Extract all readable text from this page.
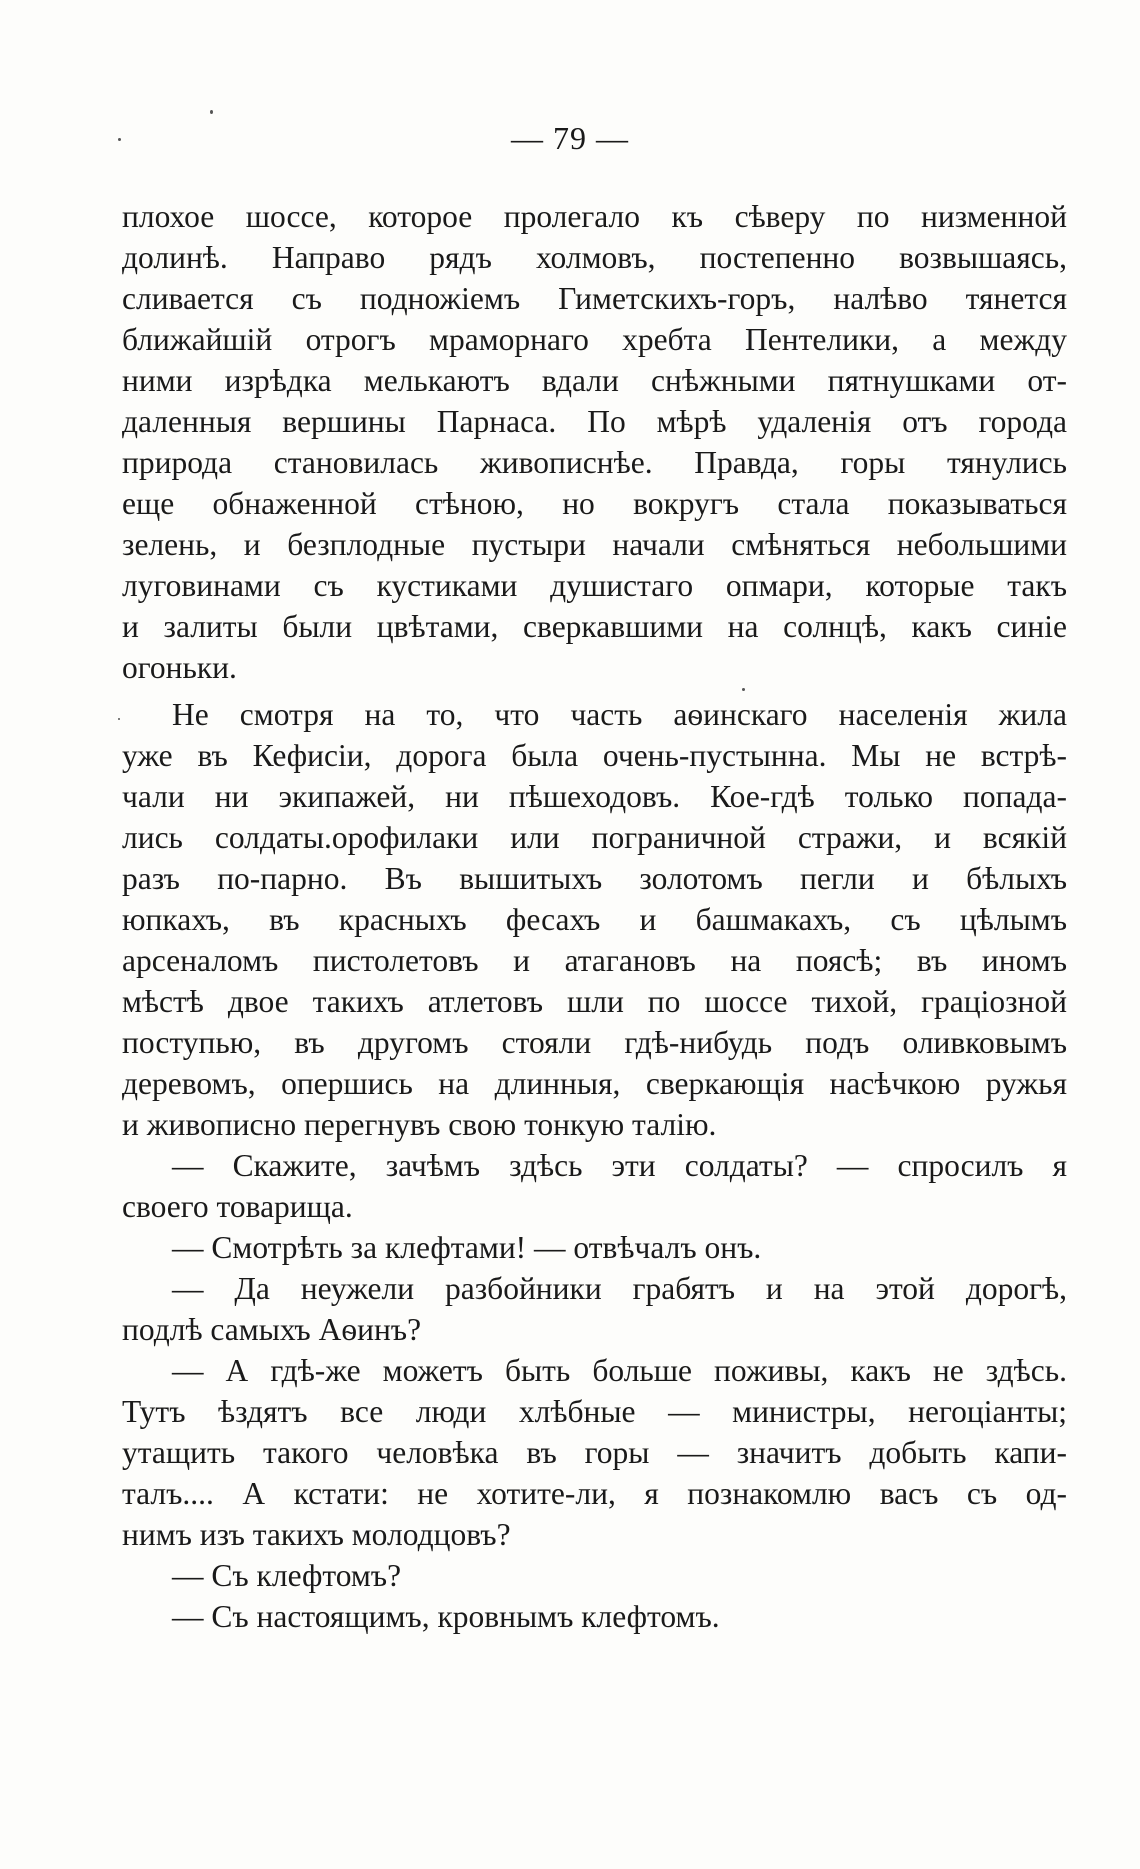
— 79 —
плохое шоссе, которое пролегало къ сѣверу по низменной
долинѣ. Направо рядъ холмовъ, постепенно возвышаясь,
сливается съ подножіемъ Гиметскихъ-горъ, налѣво тянется
ближайшій отрогъ мраморнаго хребта Пентелики, а между
ними изрѣдка мелькаютъ вдали снѣжными пятнушками от-
даленныя вершины Парнаса. По мѣрѣ удаленія отъ города
природа становилась живописнѣе. Правда, горы тянулись
еще обнаженной стѣною, но вокругъ стала показываться
зелень, и безплодные пустыри начали смѣняться небольшими
луговинами съ кустиками душистаго опмари, которые такъ
и залиты были цвѣтами, сверкавшими на солнцѣ, какъ синіе
огоньки.
Не смотря на то, что часть аѳинскаго населенія жила
уже въ Кефисіи, дорога была очень-пустынна. Мы не встрѣ-
чали ни экипажей, ни пѣшеходовъ. Кое-гдѣ только попада-
лись солдаты.орофилаки или пограничной стражи, и всякій
разъ по-парно. Въ вышитыхъ золотомъ пегли и бѣлыхъ
юпкахъ, въ красныхъ фесахъ и башмакахъ, съ цѣлымъ
арсеналомъ пистолетовъ и атагановъ на поясѣ; въ иномъ
мѣстѣ двое такихъ атлетовъ шли по шоссе тихой, граціозной
поступью, въ другомъ стояли гдѣ-нибудь подъ оливковымъ
деревомъ, опершись на длинныя, сверкающія насѣчкою ружья
и живописно перегнувъ свою тонкую талію.
— Скажите, зачѣмъ здѣсь эти солдаты? — спросилъ я
своего товарища.
— Смотрѣть за клефтами! — отвѣчалъ онъ.
— Да неужели разбойники грабятъ и на этой дорогѣ,
подлѣ самыхъ Аѳинъ?
— А гдѣ-же можетъ быть больше поживы, какъ не здѣсь.
Тутъ ѣздятъ все люди хлѣбные — министры, негоціанты;
утащить такого человѣка въ горы — значитъ добыть капи-
талъ.... А кстати: не хотите-ли, я познакомлю васъ съ од-
нимъ изъ такихъ молодцовъ?
— Съ клефтомъ?
— Съ настоящимъ, кровнымъ клефтомъ.
